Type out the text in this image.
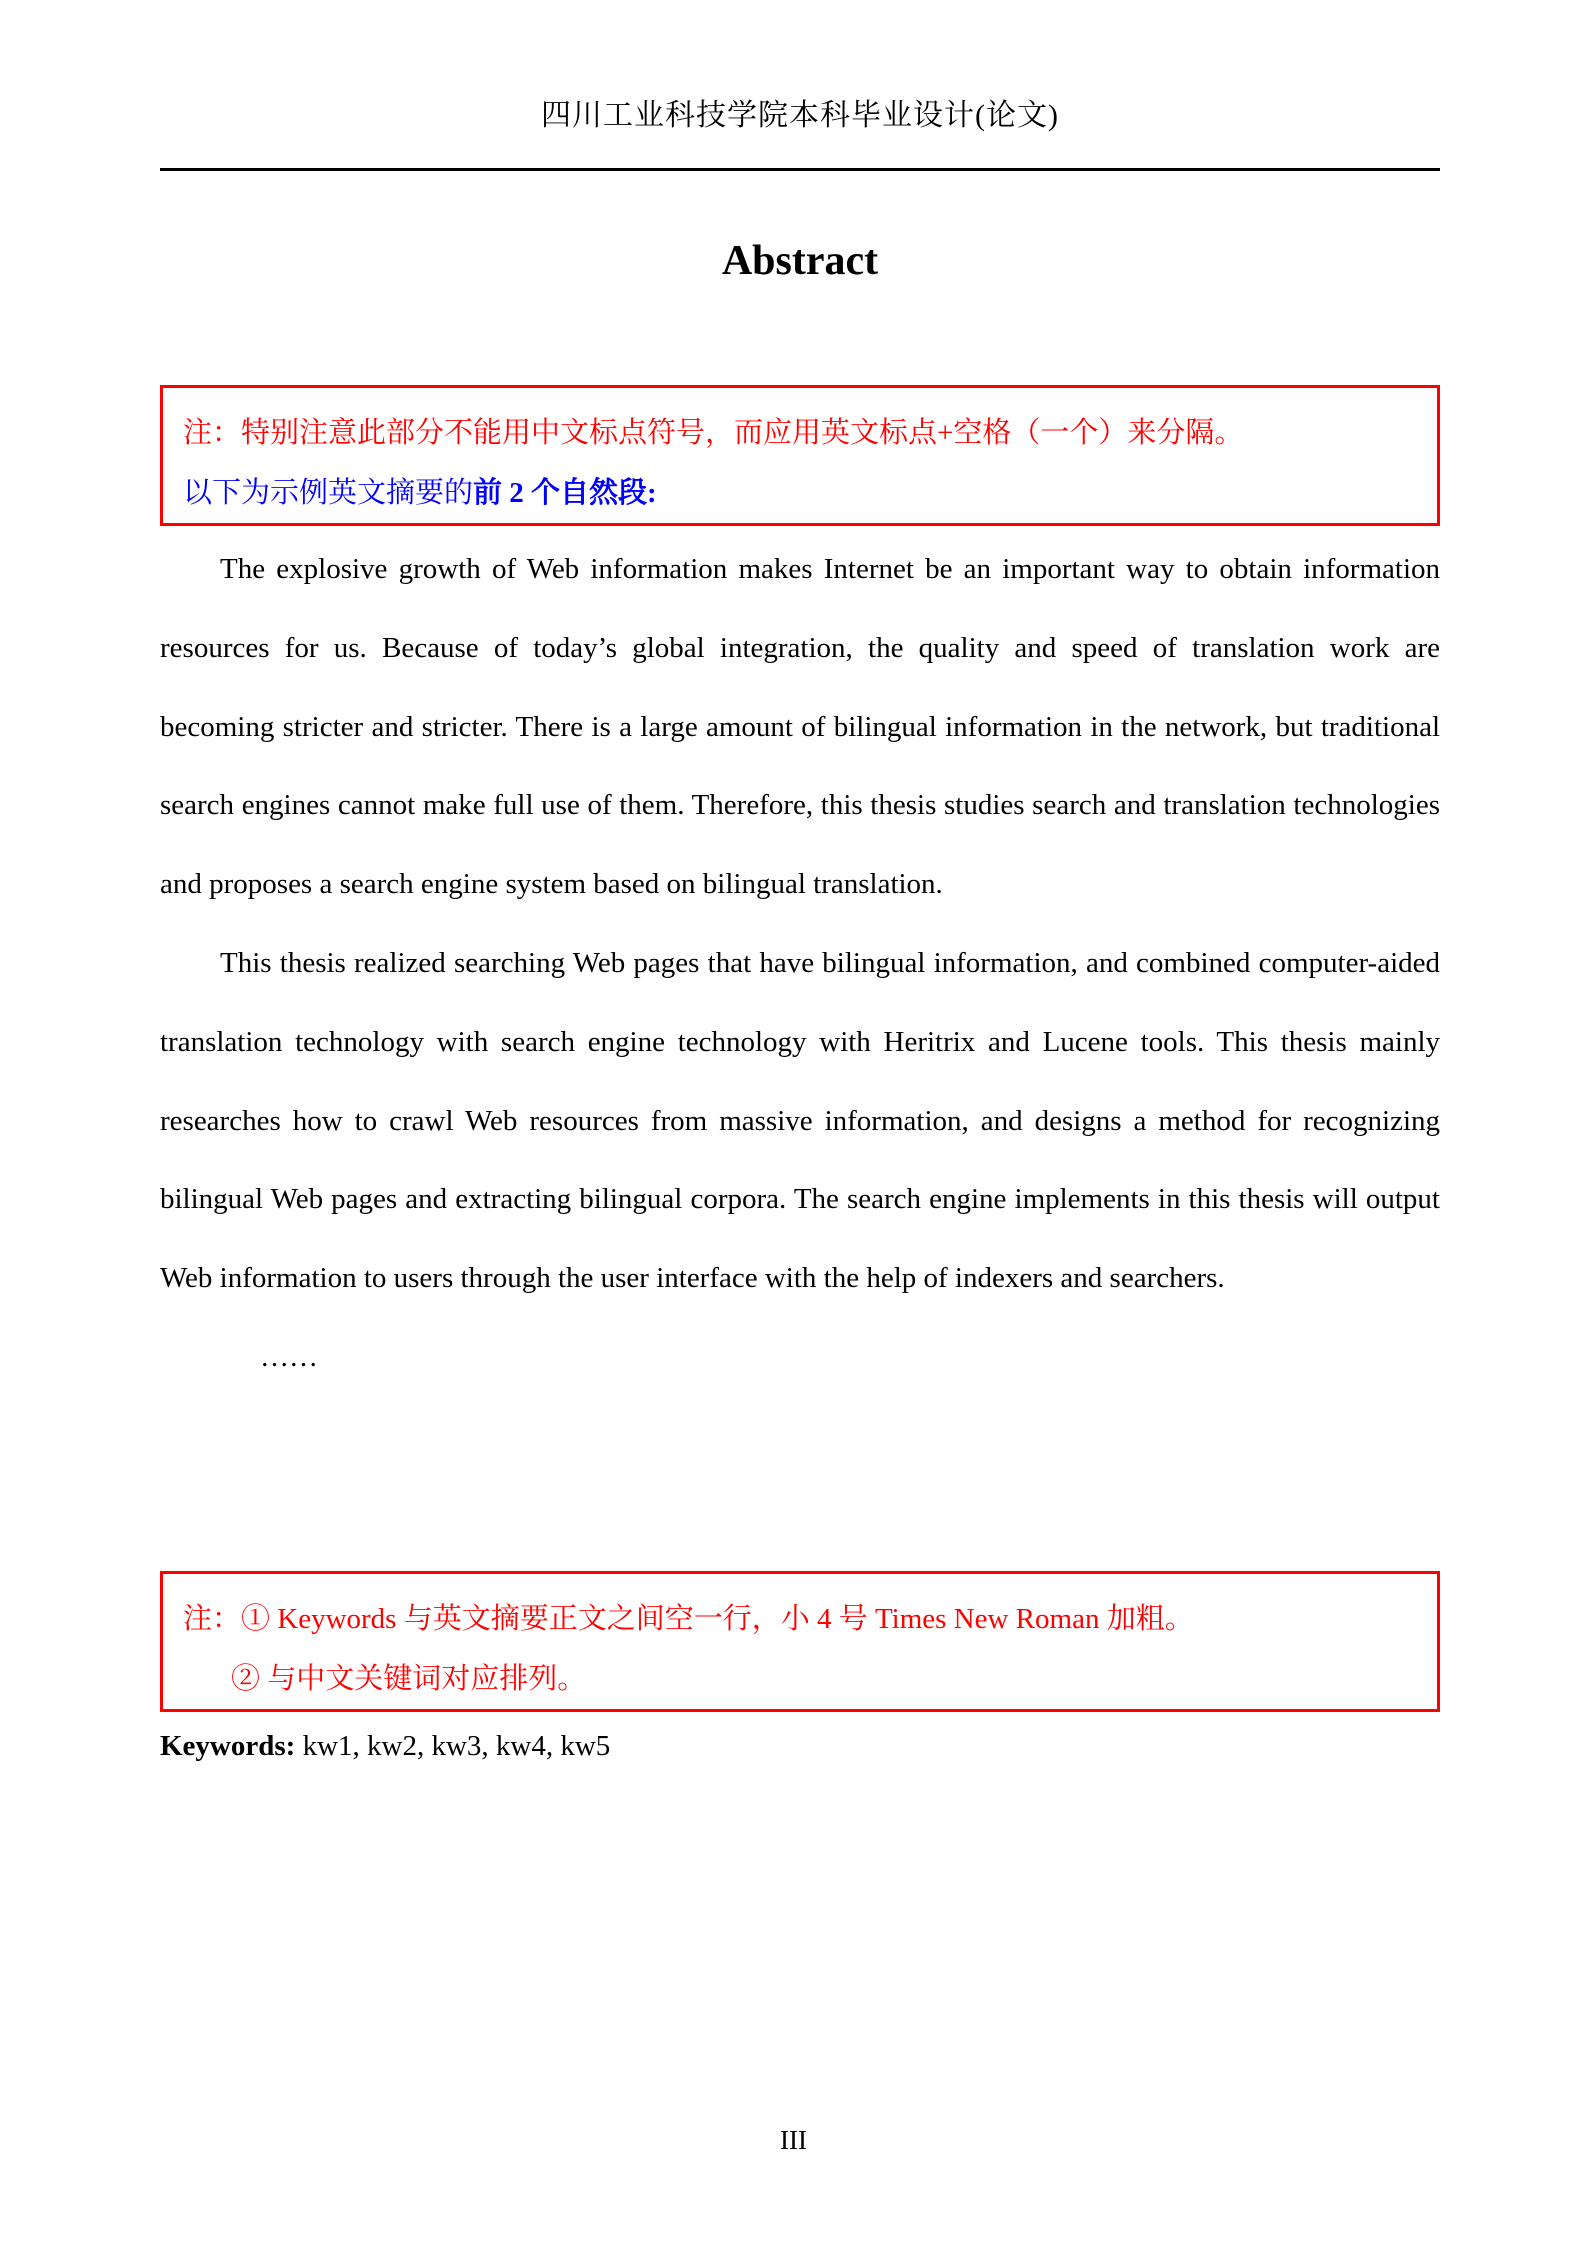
四川工业科技学院本科毕业设计(论文)
Abstract

注：特别注意此部分不能用中文标点符号，而应用英文标点+空格（一个）来分隔。

以下为示例英文摘要的前 2 个自然段:

The explosive growth of Web information makes Internet be an important way to obtain information resources for us. Because of today’s global integration, the quality and speed of translation work are becoming stricter and stricter. There is a large amount of bilingual information in the network, but traditional search engines cannot make full use of them. Therefore, this thesis studies search and translation technologies and proposes a search engine system based on bilingual translation.

This thesis realized searching Web pages that have bilingual information, and combined computer-aided translation technology with search engine technology with Heritrix and Lucene tools. This thesis mainly researches how to crawl Web resources from massive information, and designs a method for recognizing bilingual Web pages and extracting bilingual corpora. The search engine implements in this thesis will output Web information to users through the user interface with the help of indexers and searchers.

……

注：① Keywords 与英文摘要正文之间空一行，小 4 号 Times New Roman 加粗。

② 与中文关键词对应排列。

Keywords: kw1, kw2, kw3, kw4, kw5

III
